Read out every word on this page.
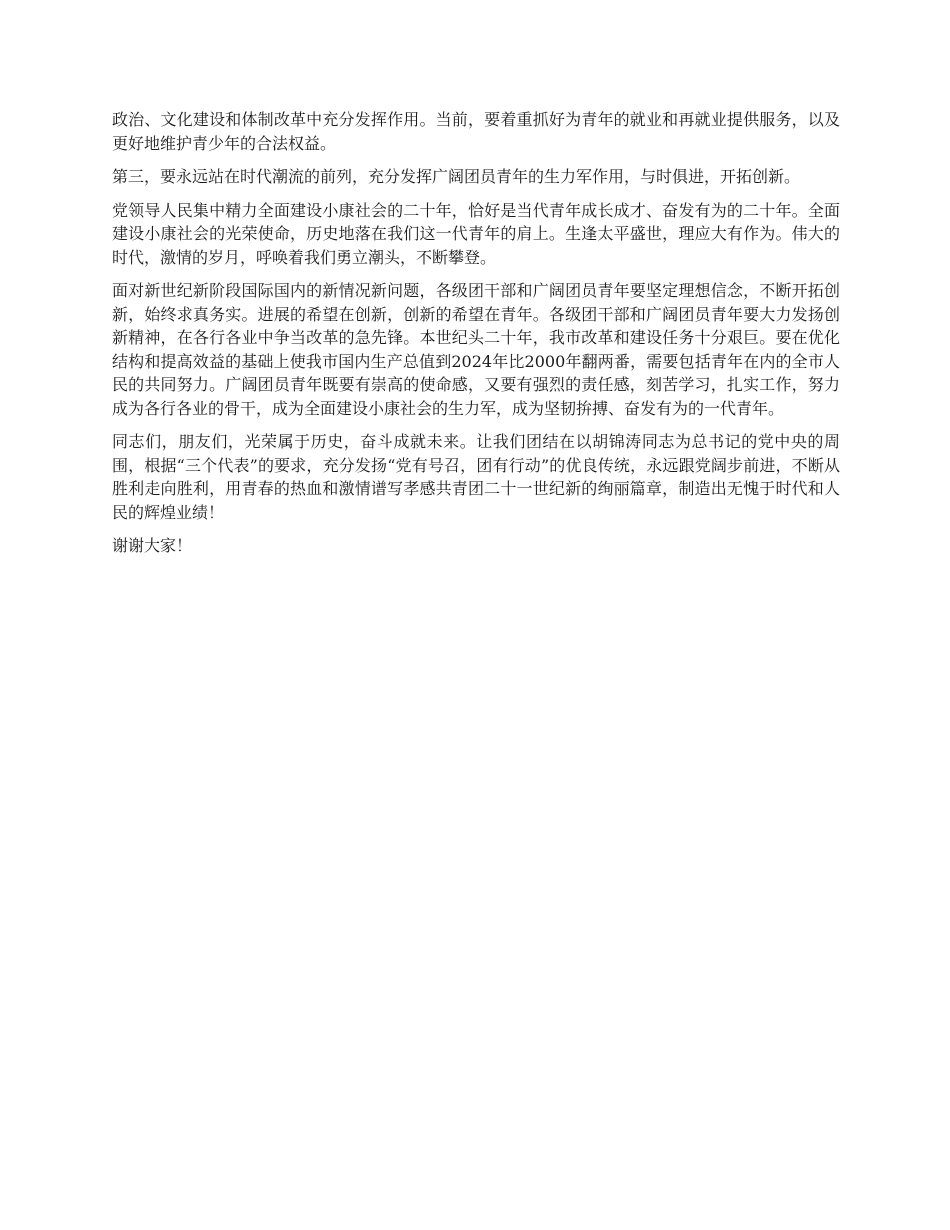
政治、文化建设和体制改革中充分发挥作用。当前，要着重抓好为青年的就业和再就业提供服务，以及更好地维护青少年的合法权益。

第三，要永远站在时代潮流的前列，充分发挥广阔团员青年的生力军作用，与时俱进，开拓创新。

党领导人民集中精力全面建设小康社会的二十年，恰好是当代青年成长成才、奋发有为的二十年。全面建设小康社会的光荣使命，历史地落在我们这一代青年的肩上。生逢太平盛世，理应大有作为。伟大的时代，激情的岁月，呼唤着我们勇立潮头，不断攀登。

面对新世纪新阶段国际国内的新情况新问题，各级团干部和广阔团员青年要坚定理想信念，不断开拓创新，始终求真务实。进展的希望在创新，创新的希望在青年。各级团干部和广阔团员青年要大力发扬创新精神，在各行各业中争当改革的急先锋。本世纪头二十年，我市改革和建设任务十分艰巨。要在优化结构和提高效益的基础上使我市国内生产总值到2024年比2000年翻两番，需要包括青年在内的全市人民的共同努力。广阔团员青年既要有崇高的使命感，又要有强烈的责任感，刻苦学习，扎实工作，努力成为各行各业的骨干，成为全面建设小康社会的生力军，成为坚韧拚搏、奋发有为的一代青年。

同志们，朋友们，光荣属于历史，奋斗成就未来。让我们团结在以胡锦涛同志为总书记的党中央的周围，根据“三个代表”的要求，充分发扬“党有号召，团有行动”的优良传统，永远跟党阔步前进，不断从胜利走向胜利，用青春的热血和激情谱写孝感共青团二十一世纪新的绚丽篇章，制造出无愧于时代和人民的辉煌业绩！

谢谢大家！
